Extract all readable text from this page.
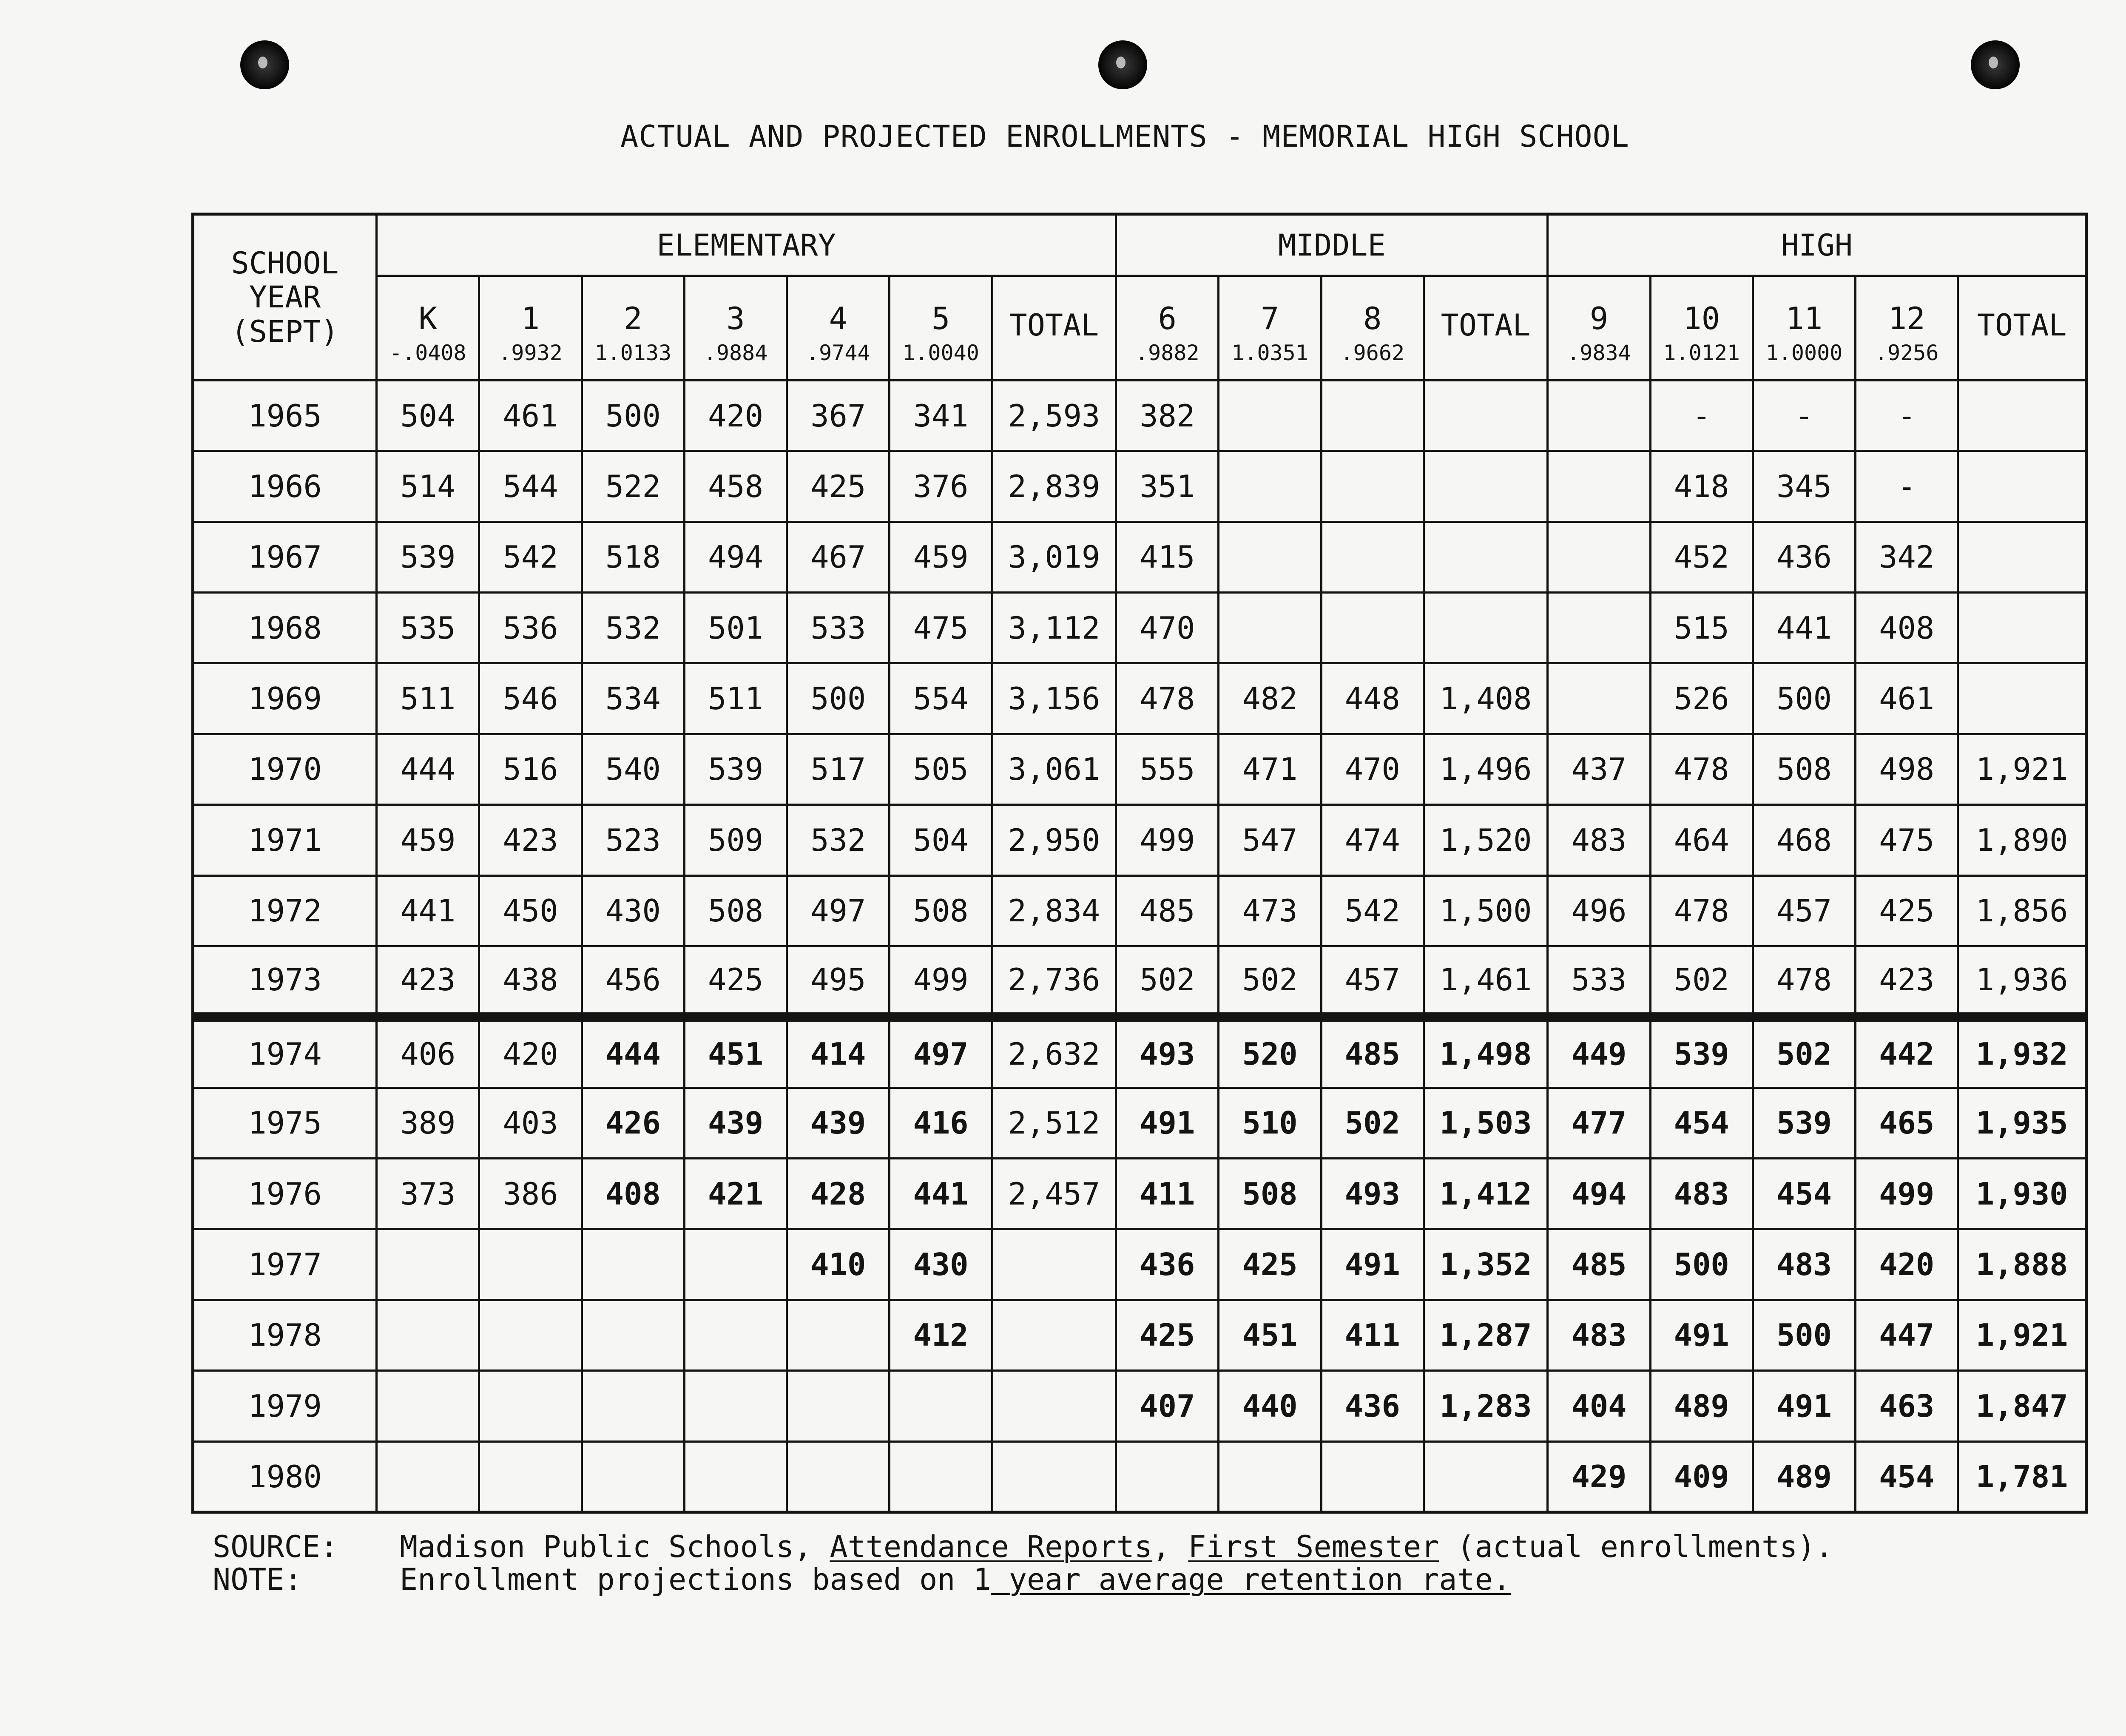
ACTUAL AND PROJECTED ENROLLMENTS - MEMORIAL HIGH SCHOOL
SCHOOL YEAR (SEPT)	ELEMENTARY							MIDDLE				HIGH				
	K	1	2	3	4	5	TOTAL	6	7	8	TOTAL	9	10	11	12	TOTAL
	-.0408	.9932	1.0133	.9884	.9744	1.0040		.9882	1.0351	.9662		.9834	1.0121	1.0000	.9256	
1965	504	461	500	420	367	341	2,593	382					-	-	-	
1966	514	544	522	458	425	376	2,839	351					418	345	-	
1967	539	542	518	494	467	459	3,019	415					452	436	342	
1968	535	536	532	501	533	475	3,112	470					515	441	408	
1969	511	546	534	511	500	554	3,156	478	482	448	1,408		526	500	461	
1970	444	516	540	539	517	505	3,061	555	471	470	1,496	437	478	508	498	1,921
1971	459	423	523	509	532	504	2,950	499	547	474	1,520	483	464	468	475	1,890
1972	441	450	430	508	497	508	2,834	485	473	542	1,500	496	478	457	425	1,856
1973	423	438	456	425	495	499	2,736	502	502	457	1,461	533	502	478	423	1,936
1974	406	420	444	451	414	497	2,632	493	520	485	1,498	449	539	502	442	1,932
1975	389	403	426	439	439	416	2,512	491	510	502	1,503	477	454	539	465	1,935
1976	373	386	408	421	428	441	2,457	411	508	493	1,412	494	483	454	499	1,930
1977					410	430		436	425	491	1,352	485	500	483	420	1,888
1978						412		425	451	411	1,287	483	491	500	447	1,921
1979								407	440	436	1,283	404	489	491	463	1,847
1980												429	409	489	454	1,781
SOURCE:	Madison Public Schools, Attendance Reports , First Semester (actual enrollments).
NOTE:	Enrollment projections based on 1 year average retention rate.
